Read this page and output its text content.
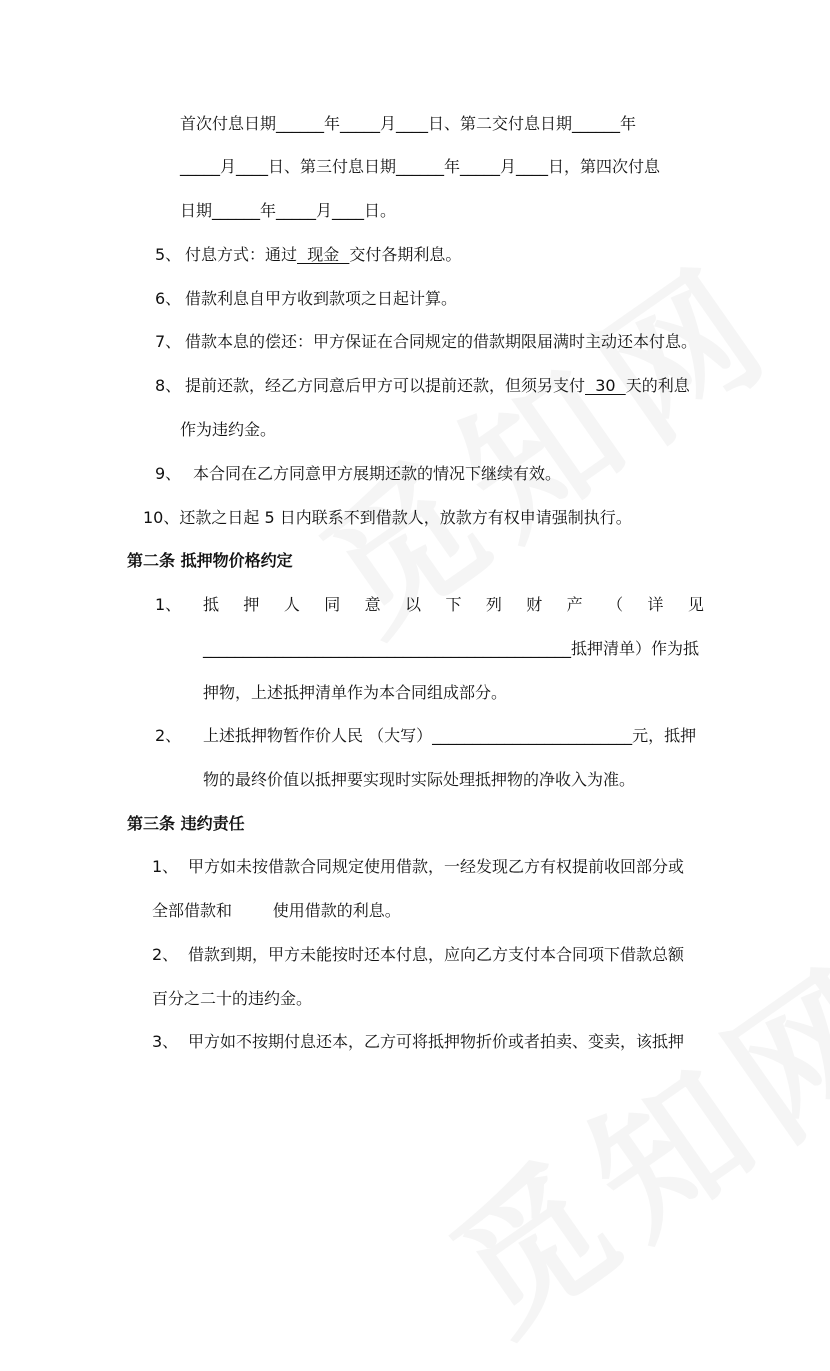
首次付息日期______年_____月____日、第二交付息日期______年
_____月____日、第三付息日期______年_____月____日，第四次付息
日期______年_____月____日。
5、 付息方式：通过  现金  交付各期利息。
6、 借款利息自甲方收到款项之日起计算。
7、 借款本息的偿还：甲方保证在合同规定的借款期限届满时主动还本付息。
8、 提前还款，经乙方同意后甲方可以提前还款，但须另支付  30  天的利息
作为违约金。
9、 本合同在乙方同意甲方展期还款的情况下继续有效。
10、还款之日起 5 日内联系不到借款人，放款方有权申请强制执行。
第二条 抵押物价格约定
1、 抵 押 人 同 意 以 下 列 财 产 （ 详 见
______________________________________________抵押清单）作为抵
押物，上述抵押清单作为本合同组成部分。
2、 上述抵押物暂作价人民 （大写）_________________________元，抵押
物的最终价值以抵押要实现时实际处理抵押物的净收入为准。
第三条 违约责任
1、 甲方如未按借款合同规定使用借款，一经发现乙方有权提前收回部分或
全部借款和        使用借款的利息。
2、 借款到期，甲方未能按时还本付息，应向乙方支付本合同项下借款总额
百分之二十的违约金。
3、 甲方如不按期付息还本，乙方可将抵押物折价或者拍卖、变卖，该抵押
